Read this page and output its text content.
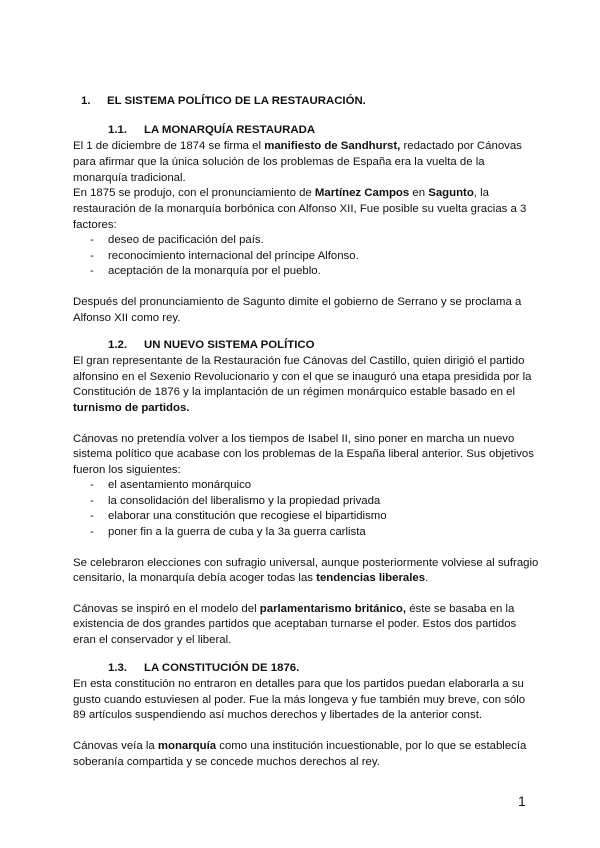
1. EL SISTEMA POLÍTICO DE LA RESTAURACIÓN.
1.1. LA MONARQUÍA RESTAURADA
El 1 de diciembre de 1874 se firma el manifiesto de Sandhurst, redactado por Cánovas
para afirmar que la única solución de los problemas de España era la vuelta de la
monarquía tradicional.
En 1875 se produjo, con el pronunciamiento de Martínez Campos en Sagunto, la
restauración de la monarquía borbónica con Alfonso XII, Fue posible su vuelta gracias a 3
factores:
- deseo de pacificación del país.
- reconocimiento internacional del príncipe Alfonso.
- aceptación de la monarquía por el pueblo.
Después del pronunciamiento de Sagunto dimite el gobierno de Serrano y se proclama a
Alfonso XII como rey.
1.2. UN NUEVO SISTEMA POLÍTICO
El gran representante de la Restauración fue Cánovas del Castillo, quien dirigió el partido
alfonsino en el Sexenio Revolucionario y con el que se inauguró una etapa presidida por la
Constitución de 1876 y la implantación de un régimen monárquico estable basado en el
turnismo de partidos.
Cánovas no pretendía volver a los tiempos de Isabel II, sino poner en marcha un nuevo
sistema político que acabase con los problemas de la España liberal anterior. Sus objetivos
fueron los siguientes:
- el asentamiento monárquico
- la consolidación del liberalismo y la propiedad privada
- elaborar una constitución que recogiese el bipartidismo
- poner fin a la guerra de cuba y la 3a guerra carlista
Se celebraron elecciones con sufragio universal, aunque posteriormente volviese al sufragio
censitario, la monarquía debía acoger todas las tendencias liberales.
Cánovas se inspiró en el modelo del parlamentarismo británico, éste se basaba en la
existencia de dos grandes partidos que aceptaban turnarse el poder. Estos dos partidos
eran el conservador y el liberal.
1.3. LA CONSTITUCIÓN DE 1876.
En esta constitución no entraron en detalles para que los partidos puedan elaborarla a su
gusto cuando estuviesen al poder. Fue la más longeva y fue también muy breve, con sólo
89 artículos suspendiendo así muchos derechos y libertades de la anterior const.
Cánovas veía la monarquía como una institución incuestionable, por lo que se establecía
soberanía compartida y se concede muchos derechos al rey.
1
